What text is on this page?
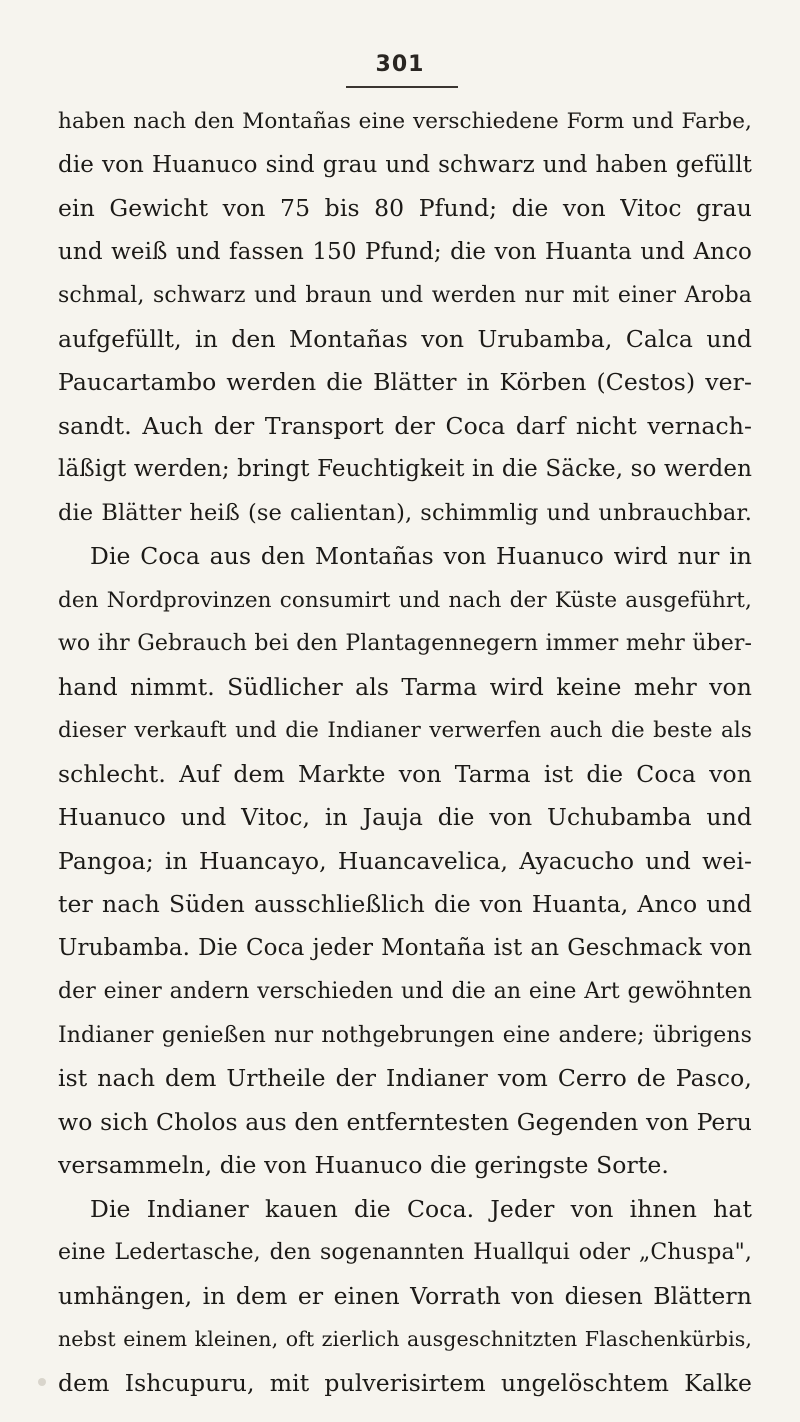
301
haben nach den Montañas eine verschiedene Form und Farbe,
die von Huanuco sind grau und schwarz und haben gefüllt
ein Gewicht von 75 bis 80 Pfund; die von Vitoc grau
und weiß und fassen 150 Pfund; die von Huanta und Anco
schmal, schwarz und braun und werden nur mit einer Aroba
aufgefüllt, in den Montañas von Urubamba, Calca und
Paucartambo werden die Blätter in Körben (Cestos) ver-
sandt. Auch der Transport der Coca darf nicht vernach-
läßigt werden; bringt Feuchtigkeit in die Säcke, so werden
die Blätter heiß (se calientan), schimmlig und unbrauchbar.
Die Coca aus den Montañas von Huanuco wird nur in
den Nordprovinzen consumirt und nach der Küste ausgeführt,
wo ihr Gebrauch bei den Plantagennegern immer mehr über-
hand nimmt. Südlicher als Tarma wird keine mehr von
dieser verkauft und die Indianer verwerfen auch die beste als
schlecht. Auf dem Markte von Tarma ist die Coca von
Huanuco und Vitoc, in Jauja die von Uchubamba und
Pangoa; in Huancayo, Huancavelica, Ayacucho und wei-
ter nach Süden ausschließlich die von Huanta, Anco und
Urubamba. Die Coca jeder Montaña ist an Geschmack von
der einer andern verschieden und die an eine Art gewöhnten
Indianer genießen nur nothgebrungen eine andere; übrigens
ist nach dem Urtheile der Indianer vom Cerro de Pasco,
wo sich Cholos aus den entferntesten Gegenden von Peru
versammeln, die von Huanuco die geringste Sorte.
Die Indianer kauen die Coca. Jeder von ihnen hat
eine Ledertasche, den sogenannten Huallqui oder „Chuspa",
umhängen, in dem er einen Vorrath von diesen Blättern
nebst einem kleinen, oft zierlich ausgeschnitzten Flaschenkürbis,
dem Ishcupuru, mit pulverisirtem ungelöschtem Kalke
